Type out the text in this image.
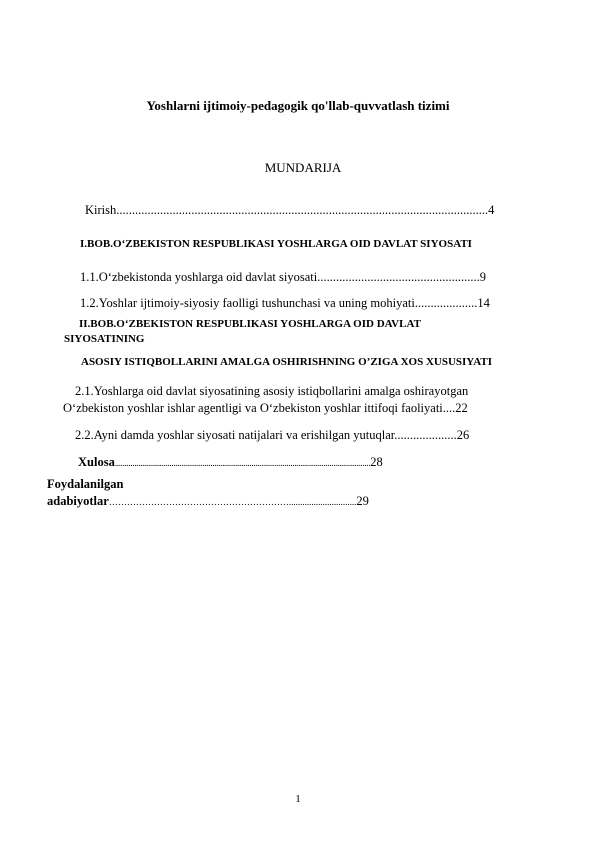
Yoshlarni ijtimoiy-pedagogik qo'llab-quvvatlash tizimi
MUNDARIJA
Kirish.......................................................................................................................4
I.BOB.O‘ZBEKISTON RESPUBLIKASI YOSHLARGA OID DAVLAT SIYOSATI
1.1.O‘zbekistonda yoshlarga oid davlat siyosati....................................................9
1.2.Yoshlar ijtimoiy-siyosiy faolligi tushunchasi va uning mohiyati....................14
II.BOB.O‘ZBEKISTON RESPUBLIKASI YOSHLARGA OID DAVLAT
SIYOSATINING
ASOSIY ISTIQBOLLARINI AMALGA OSHIRISHNING O’ZIGA XOS XUSUSIYATI
2.1.Yoshlarga oid davlat siyosatining asosiy istiqbollarini amalga oshirayotgan
O‘zbekiston yoshlar ishlar agentligi va O‘zbekiston yoshlar ittifoqi faoliyati....22
2.2.Ayni damda yoshlar siyosati natijalari va erishilgan yutuqlar....................26
Xulosa...................................................................................................................................28
Foydalanilgan
adabiyotlar……………………………………………………..............................29
1
